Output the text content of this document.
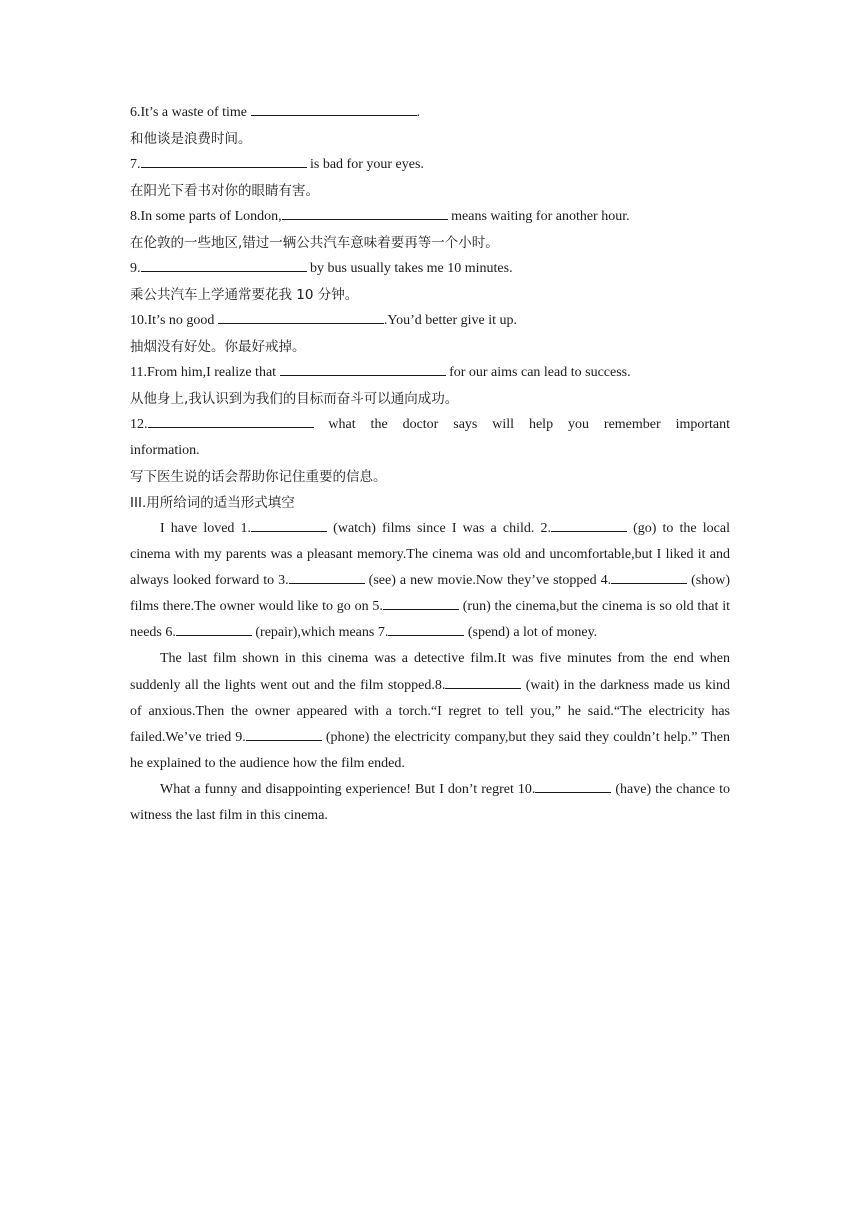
6.It’s a waste of time	.
和他谈是浪费时间。
7.	is bad for your eyes.
在阳光下看书对你的眼睛有害。
8.In some parts of London,	means waiting for another hour.
在伦敦的一些地区,错过一辆公共汽车意味着要再等一个小时。
9.	by bus usually takes me 10 minutes.
乘公共汽车上学通常要花我 10 分钟。
10.It’s no good	.You’d better give it up.
抽烟没有好处。你最好戒掉。
11.From him,I realize that	for our aims can lead to success.
从他身上,我认识到为我们的目标而奋斗可以通向成功。
12.	what the doctor says will help you remember important
information.
写下医生说的话会帮助你记住重要的信息。
III.用所给词的适当形式填空

I have loved 1.	(watch) films since I was a child. 2.	(go) to the local cinema with my parents was a pleasant memory.The cinema was old and uncomfortable,but I liked it and always looked forward to 3.	(see) a new movie.Now they’ve stopped 4.	(show) films there.The owner would like to go on 5.	(run) the cinema,but the cinema is so old that it needs 6.	(repair),which means 7.	(spend) a lot of money.

The last film shown in this cinema was a detective film.It was five minutes from the end when suddenly all the lights went out and the film stopped.8.	(wait) in the darkness made us kind of anxious.Then the owner appeared with a torch.“I regret to tell you,” he said.“The electricity has failed.We’ve tried 9.	(phone) the electricity company,but they said they couldn’t help.” Then he explained to the audience how the film ended.

What a funny and disappointing experience! But I don’t regret 10.	(have) the chance to witness the last film in this cinema.
